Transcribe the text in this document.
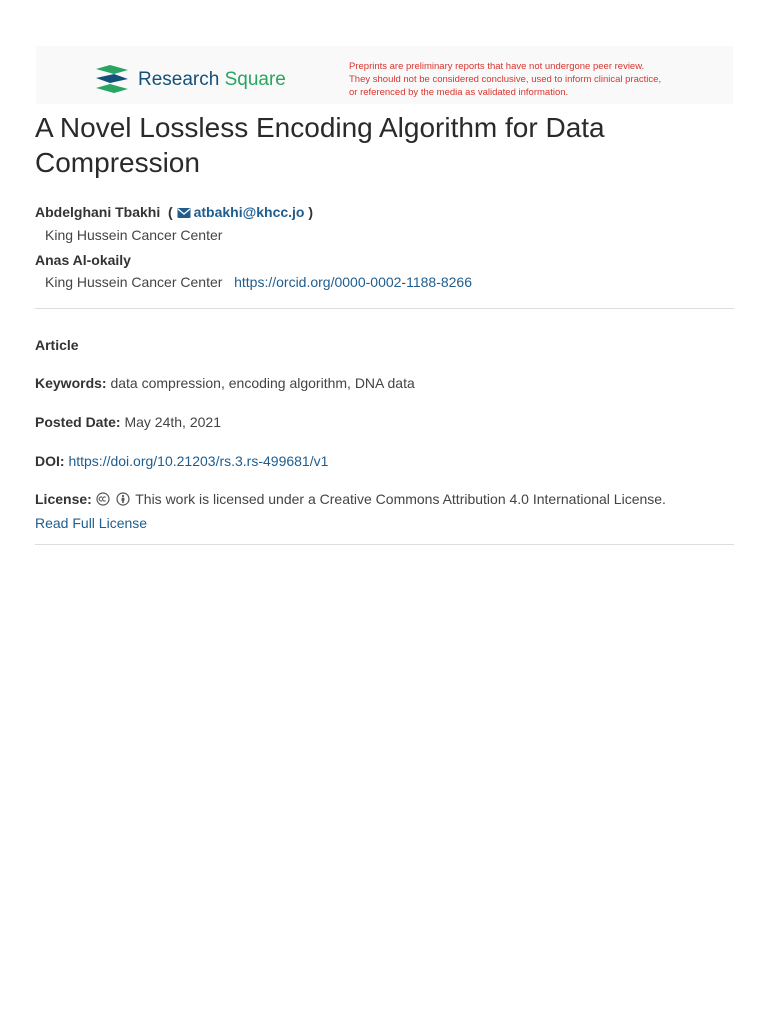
Research Square
Preprints are preliminary reports that have not undergone peer review.
They should not be considered conclusive, used to inform clinical practice,
or referenced by the media as validated information.
A Novel Lossless Encoding Algorithm for Data
Compression
Abdelghani Tbakhi ( atbakhi@khcc.jo )
King Hussein Cancer Center
Anas Al-okaily
King Hussein Cancer Center https://orcid.org/0000-0002-1188-8266
Article
Keywords: data compression, encoding algorithm, DNA data
Posted Date: May 24th, 2021
DOI: https://doi.org/10.21203/rs.3.rs-499681/v1
License:	This work is licensed under a Creative Commons Attribution 4.0 International License.
Read Full License
